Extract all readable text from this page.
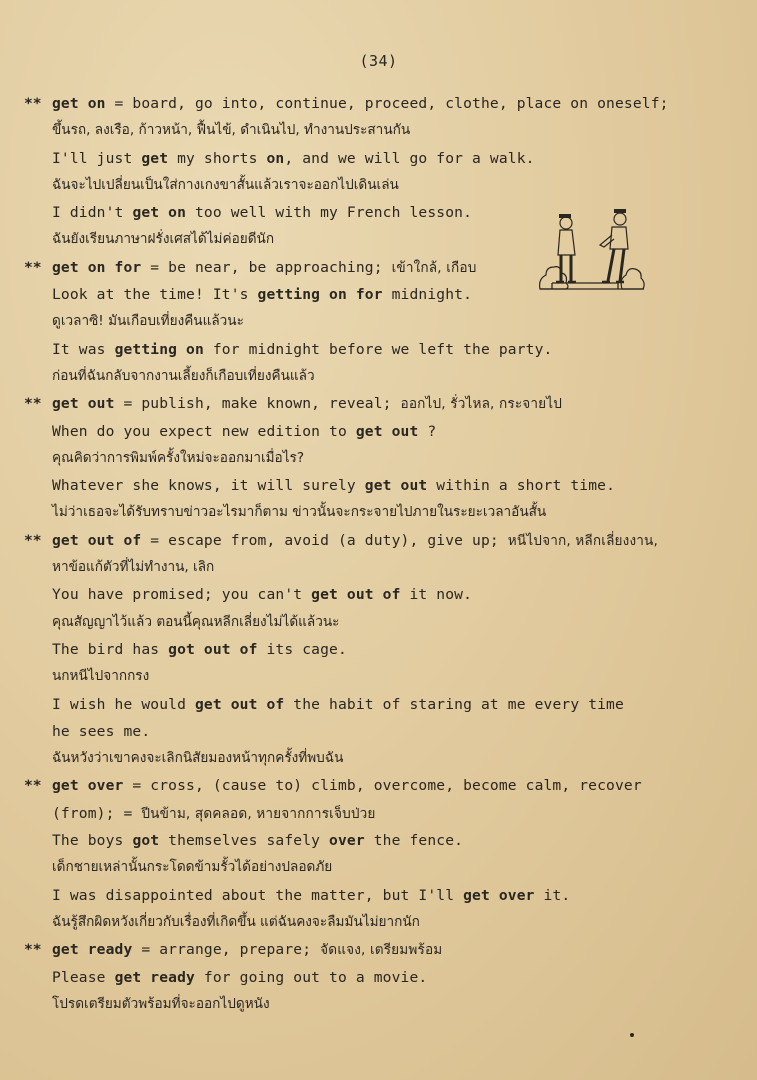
(34)
** get on = board, go into, continue, proceed, clothe, place on oneself;
ขึ้นรถ, ลงเรือ, ก้าวหน้า, ฟื้นไข้, ดำเนินไป, ทำงานประสานกัน
I'll just get my shorts on, and we will go for a walk.
ฉันจะไปเปลี่ยนเป็นใส่กางเกงขาสั้นแล้วเราจะออกไปเดินเล่น
I didn't get on too well with my French lesson.
ฉันยังเรียนภาษาฝรั่งเศสได้ไม่ค่อยดีนัก
** get on for = be near, be approaching; เข้าใกล้, เกือบ
Look at the time! It's getting on for midnight.
ดูเวลาซิ! มันเกือบเที่ยงคืนแล้วนะ
It was getting on for midnight before we left the party.
ก่อนที่ฉันกลับจากงานเลี้ยงก็เกือบเที่ยงคืนแล้ว
** get out = publish, make known, reveal; ออกไป, รั่วไหล, กระจายไป
When do you expect new edition to get out ?
คุณคิดว่าการพิมพ์ครั้งใหม่จะออกมาเมื่อไร?
Whatever she knows, it will surely get out within a short time.
ไม่ว่าเธอจะได้รับทราบข่าวอะไรมาก็ตาม ข่าวนั้นจะกระจายไปภายในระยะเวลาอันสั้น
** get out of = escape from, avoid (a duty), give up; หนีไปจาก, หลีกเลี่ยงงาน,
หาข้อแก้ตัวที่ไม่ทำงาน, เลิก
You have promised; you can't get out of it now.
คุณสัญญาไว้แล้ว ตอนนี้คุณหลีกเลี่ยงไม่ได้แล้วนะ
The bird has got out of its cage.
นกหนีไปจากกรง
I wish he would get out of the habit of staring at me every time
he sees me.
ฉันหวังว่าเขาคงจะเลิกนิสัยมองหน้าทุกครั้งที่พบฉัน
** get over = cross, (cause to) climb, overcome, become calm, recover
(from); = ปีนข้าม, สุดคลอด, หายจากการเจ็บป่วย
The boys got themselves safely over the fence.
เด็กชายเหล่านั้นกระโดดข้ามรั้วได้อย่างปลอดภัย
I was disappointed about the matter, but I'll get over it.
ฉันรู้สึกผิดหวังเกี่ยวกับเรื่องที่เกิดขึ้น แต่ฉันคงจะลืมมันไม่ยากนัก
** get ready = arrange, prepare; จัดแจง, เตรียมพร้อม
Please get ready for going out to a movie.
โปรดเตรียมตัวพร้อมที่จะออกไปดูหนัง
